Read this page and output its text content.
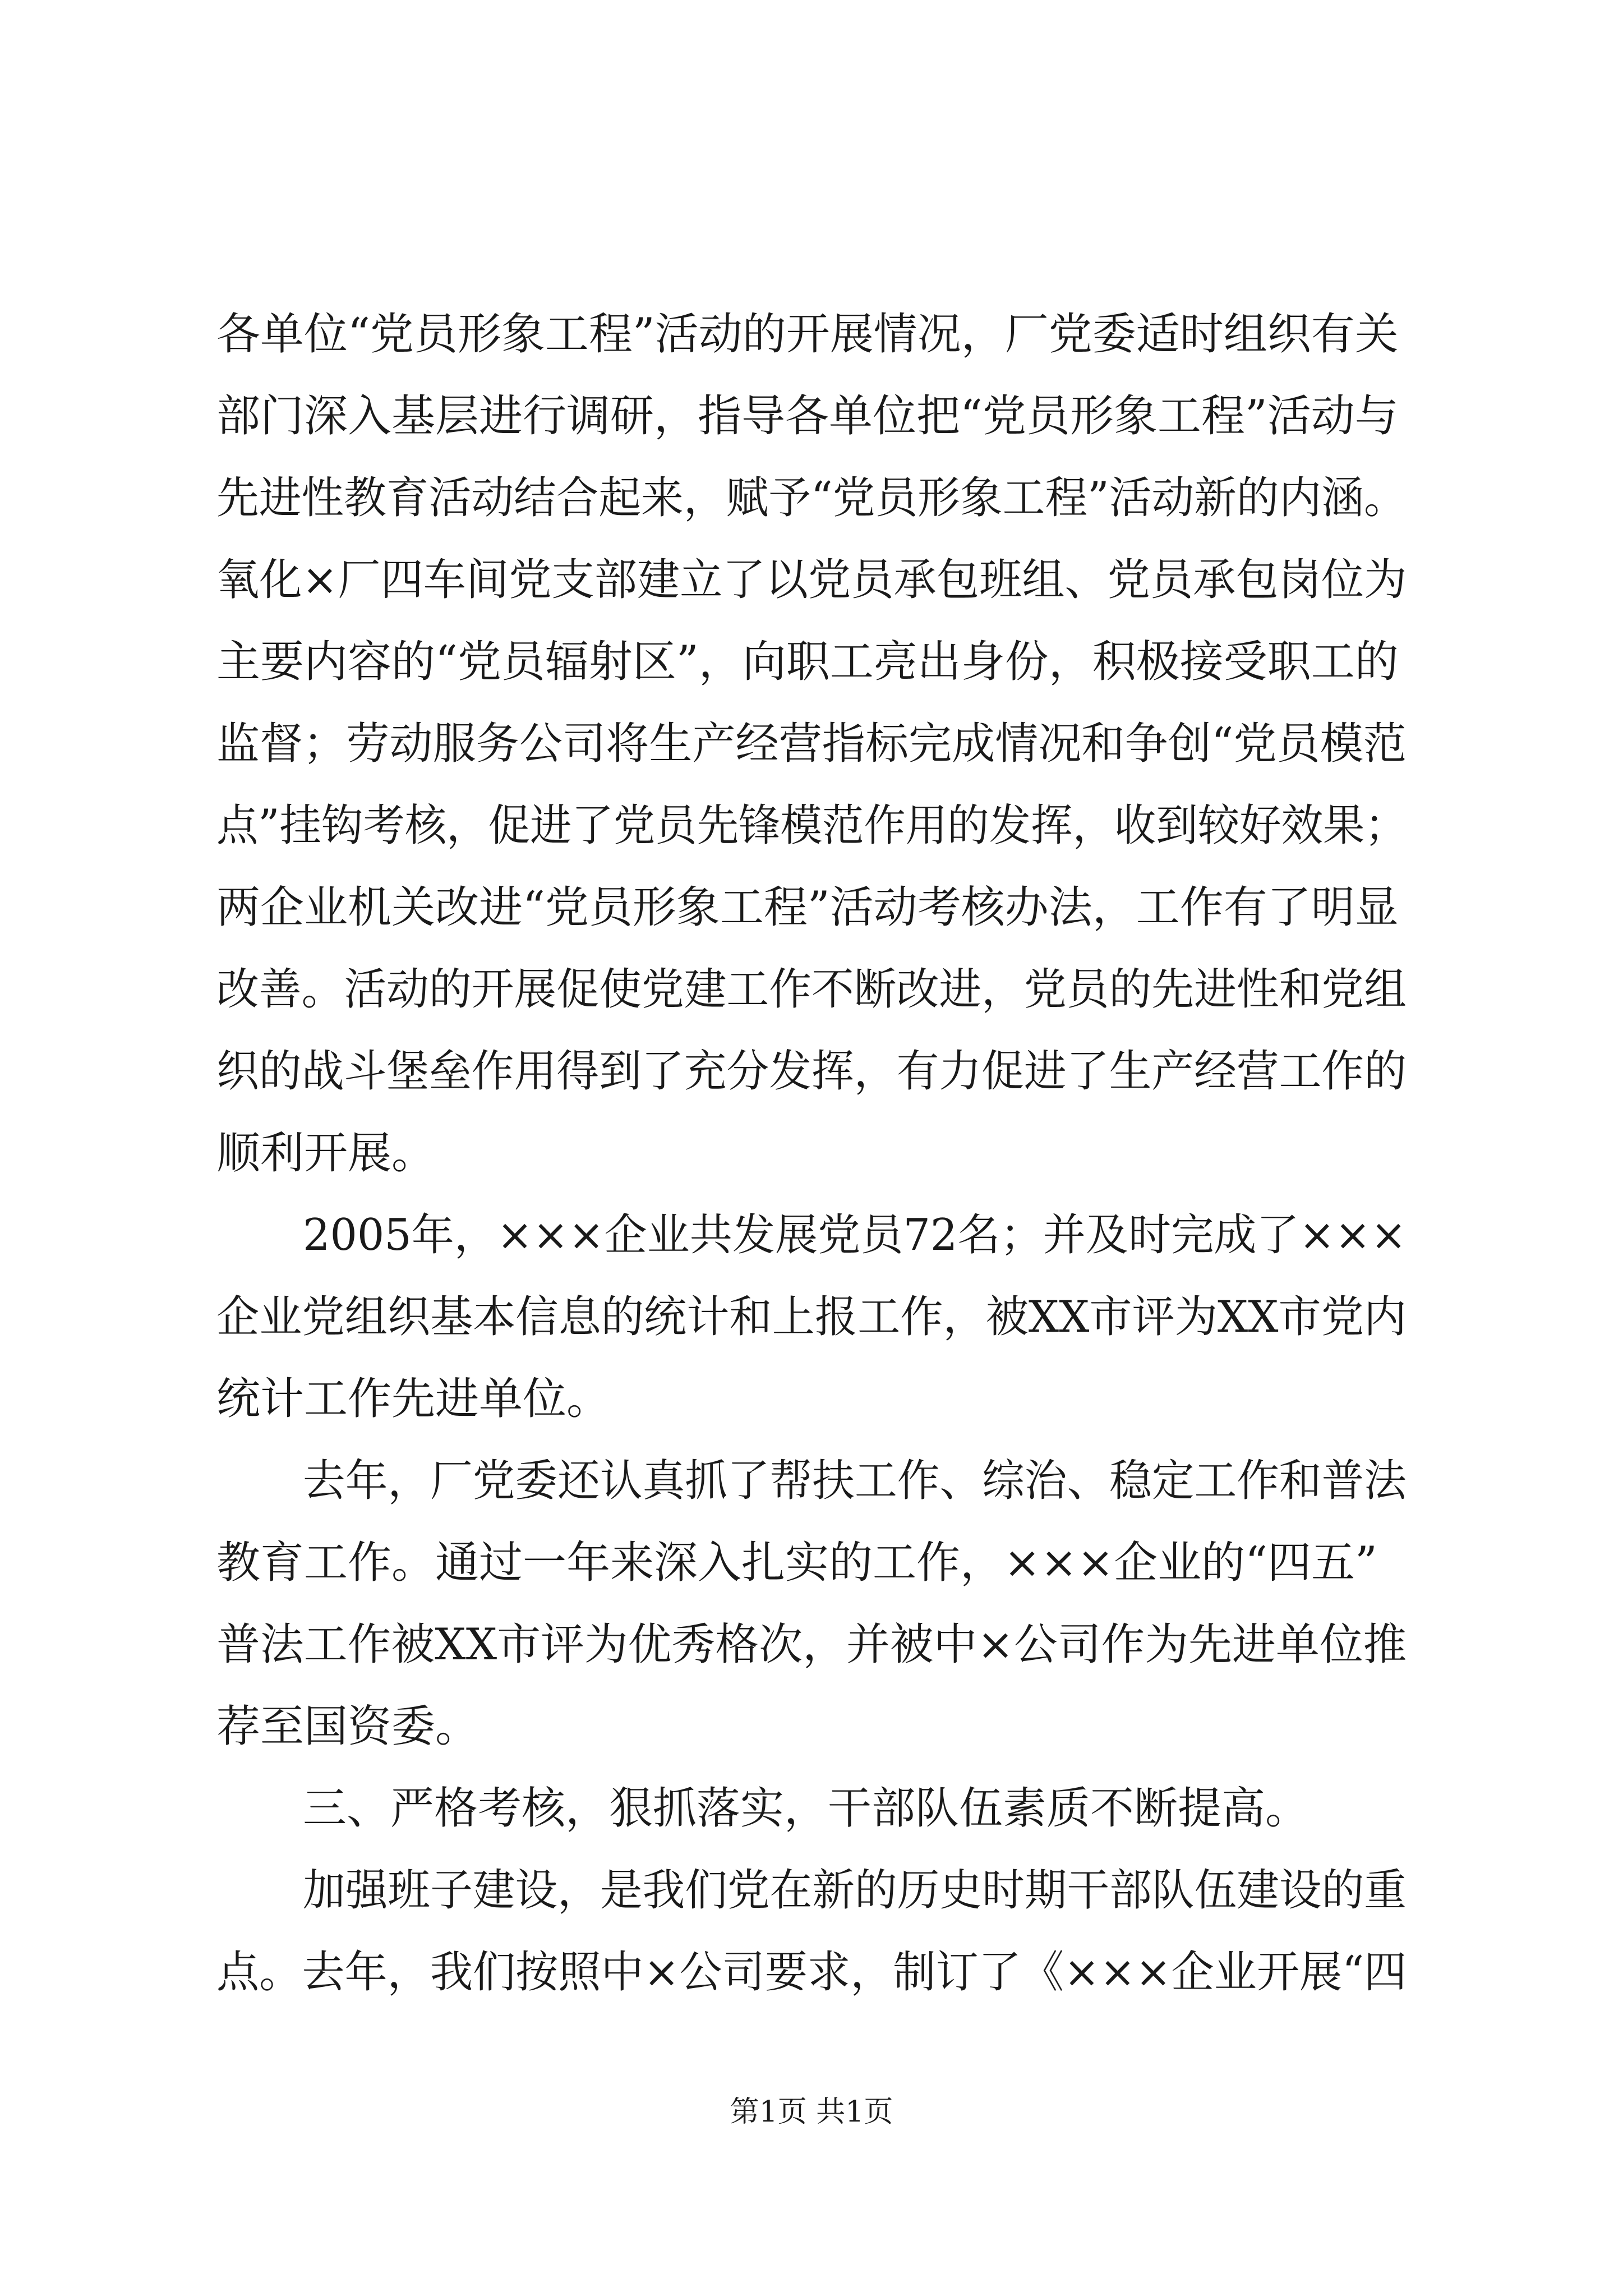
各单位“党员形象工程”活动的开展情况，厂党委适时组织有关

部门深入基层进行调研，指导各单位把“党员形象工程”活动与

先进性教育活动结合起来，赋予“党员形象工程”活动新的内涵。

氧化×厂四车间党支部建立了以党员承包班组、党员承包岗位为

主要内容的“党员辐射区”，向职工亮出身份，积极接受职工的

监督；劳动服务公司将生产经营指标完成情况和争创“党员模范

点”挂钩考核，促进了党员先锋模范作用的发挥，收到较好效果；

两企业机关改进“党员形象工程”活动考核办法，工作有了明显

改善。活动的开展促使党建工作不断改进，党员的先进性和党组

织的战斗堡垒作用得到了充分发挥，有力促进了生产经营工作的

顺利开展。

2005年，×××企业共发展党员72名；并及时完成了×××

企业党组织基本信息的统计和上报工作，被XX市评为XX市党内

统计工作先进单位。

去年，厂党委还认真抓了帮扶工作、综治、稳定工作和普法

教育工作。通过一年来深入扎实的工作，×××企业的“四五”

普法工作被XX市评为优秀格次，并被中×公司作为先进单位推

荐至国资委。

三、严格考核，狠抓落实，干部队伍素质不断提高。

加强班子建设，是我们党在新的历史时期干部队伍建设的重

点。去年，我们按照中×公司要求，制订了《×××企业开展“四

第1页 共1页
